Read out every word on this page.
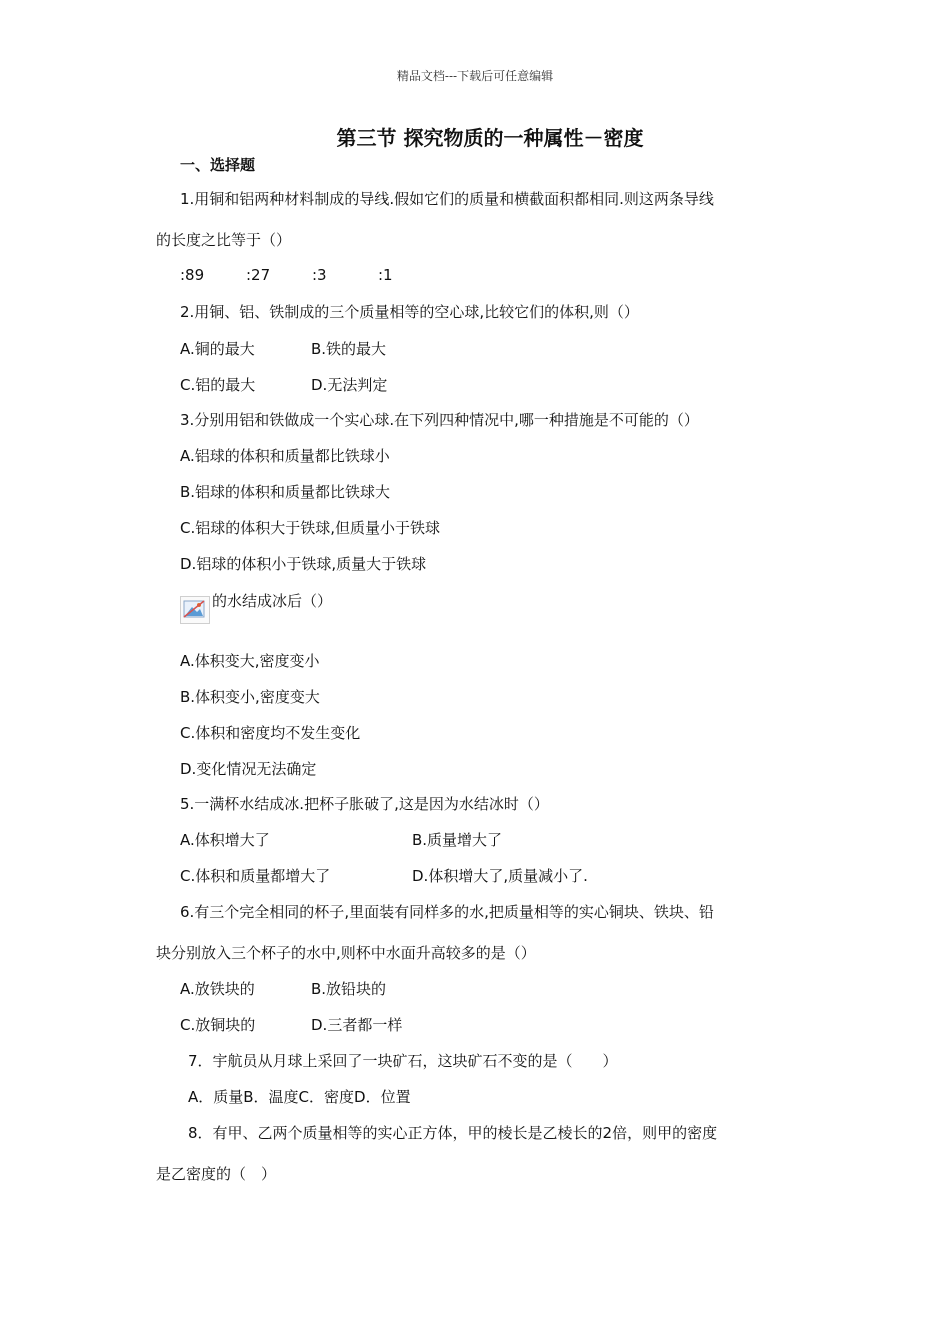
精品文档---下载后可任意编辑
第三节 探究物质的一种属性－密度
一、选择题
1.用铜和铝两种材料制成的导线.假如它们的质量和横截面积都相同.则这两条导线
的长度之比等于（）
:89	:27	:3	:1
2.用铜、铝、铁制成的三个质量相等的空心球,比较它们的体积,则（）
A.铜的最大	B.铁的最大
C.铝的最大	D.无法判定
3.分别用铝和铁做成一个实心球.在下列四种情况中,哪一种措施是不可能的（）
A.铝球的体积和质量都比铁球小
B.铝球的体积和质量都比铁球大
C.铝球的体积大于铁球,但质量小于铁球
D.铝球的体积小于铁球,质量大于铁球
的水结成冰后（）
A.体积变大,密度变小
B.体积变小,密度变大
C.体积和密度均不发生变化
D.变化情况无法确定
5.一满杯水结成冰.把杯子胀破了,这是因为水结冰时（）
A.体积增大了	B.质量增大了
C.体积和质量都增大了	D.体积增大了,质量减小了.
6.有三个完全相同的杯子,里面装有同样多的水,把质量相等的实心铜块、铁块、铅
块分别放入三个杯子的水中,则杯中水面升高较多的是（）
A.放铁块的	B.放铅块的
C.放铜块的	D.三者都一样
7．宇航员从月球上采回了一块矿石，这块矿石不变的是（　　）
A．质量B．温度C．密度D．位置
8．有甲、乙两个质量相等的实心正方体，甲的棱长是乙棱长的2倍，则甲的密度
是乙密度的（　）
